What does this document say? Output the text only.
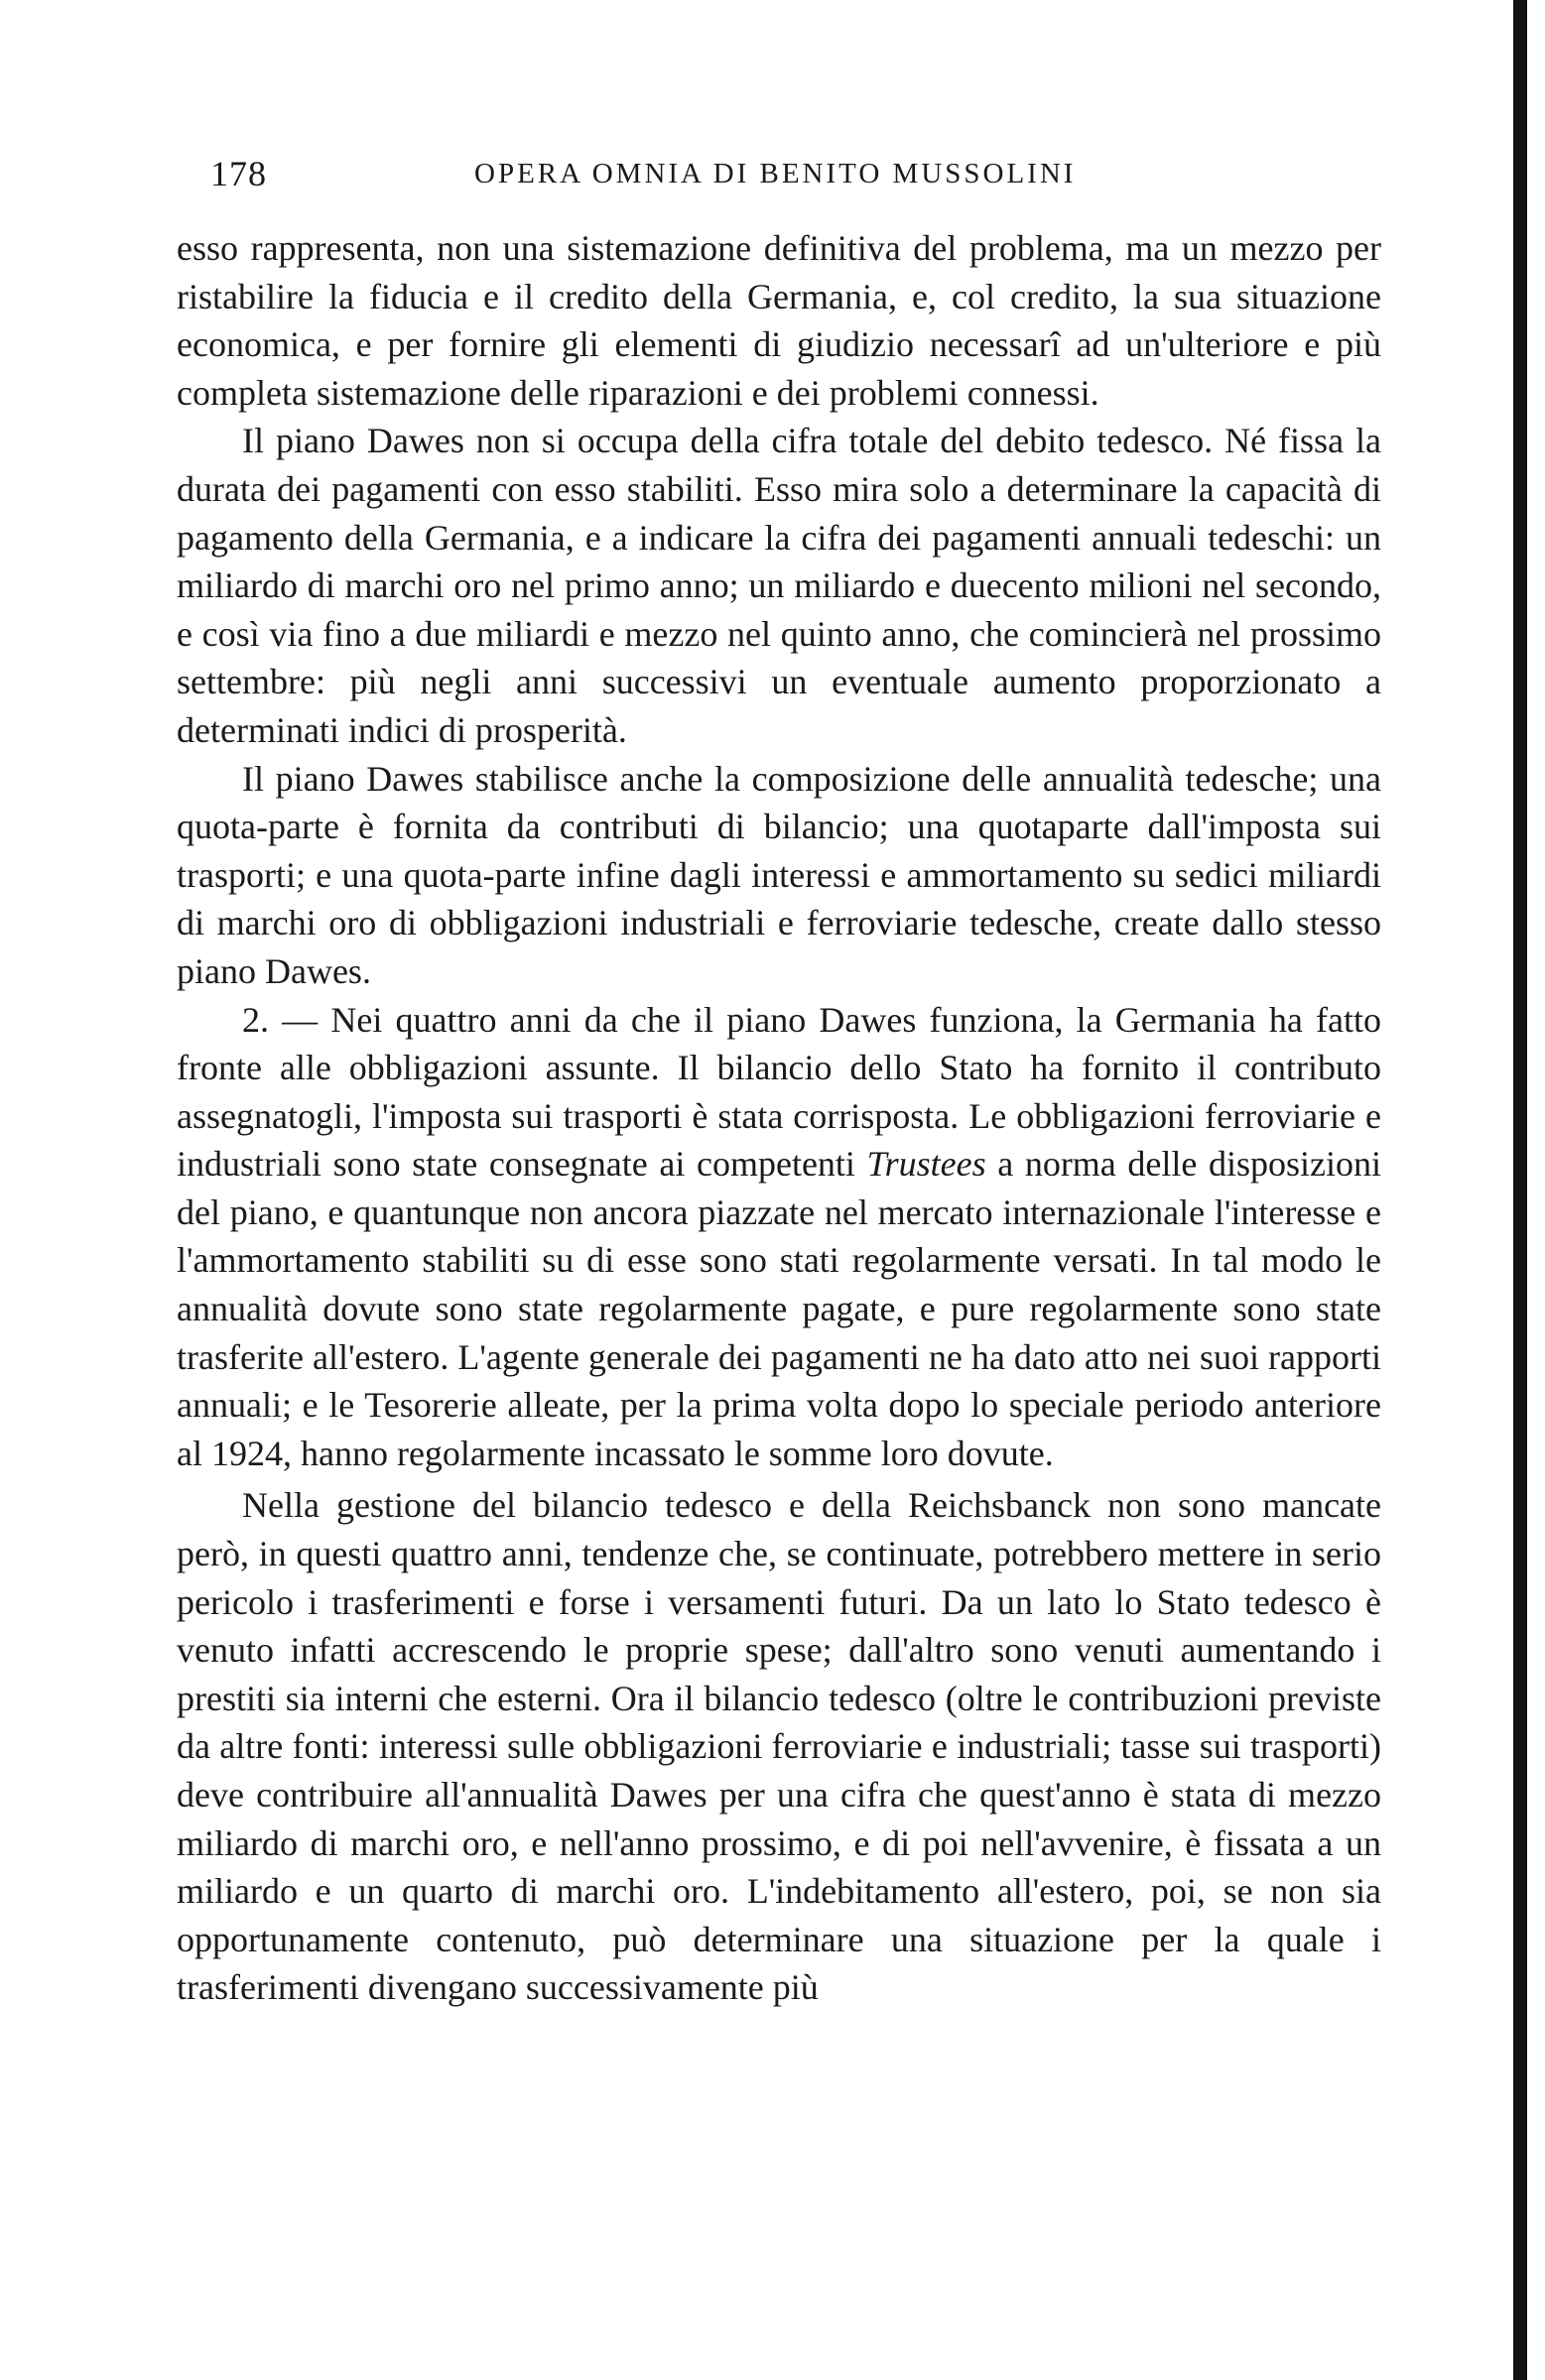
178	OPERA OMNIA DI BENITO MUSSOLINI

esso rappresenta, non una sistemazione definitiva del problema, ma un mezzo per ristabilire la fiducia e il credito della Germania, e, col credito, la sua situazione economica, e per fornire gli elementi di giudizio necessarî ad un'ulteriore e più completa sistemazione delle riparazioni e dei problemi connessi.

Il piano Dawes non si occupa della cifra totale del debito tedesco. Né fissa la durata dei pagamenti con esso stabiliti. Esso mira solo a determinare la capacità di pagamento della Germania, e a indicare la cifra dei pagamenti annuali tedeschi: un miliardo di marchi oro nel primo anno; un miliardo e duecento milioni nel secondo, e così via fino a due miliardi e mezzo nel quinto anno, che comincierà nel prossimo settembre: più negli anni successivi un eventuale aumento proporzionato a determinati indici di prosperità.

Il piano Dawes stabilisce anche la composizione delle annualità tedesche; una quota-parte è fornita da contributi di bilancio; una quotaparte dall'imposta sui trasporti; e una quota-parte infine dagli interessi e ammortamento su sedici miliardi di marchi oro di obbligazioni industriali e ferroviarie tedesche, create dallo stesso piano Dawes.

2. — Nei quattro anni da che il piano Dawes funziona, la Germania ha fatto fronte alle obbligazioni assunte. Il bilancio dello Stato ha fornito il contributo assegnatogli, l'imposta sui trasporti è stata corrisposta. Le obbligazioni ferroviarie e industriali sono state consegnate ai competenti Trustees a norma delle disposizioni del piano, e quantunque non ancora piazzate nel mercato internazionale l'interesse e l'ammortamento stabiliti su di esse sono stati regolarmente versati. In tal modo le annualità dovute sono state regolarmente pagate, e pure regolarmente sono state trasferite all'estero. L'agente generale dei pagamenti ne ha dato atto nei suoi rapporti annuali; e le Tesorerie alleate, per la prima volta dopo lo speciale periodo anteriore al 1924, hanno regolarmente incassato le somme loro dovute.

Nella gestione del bilancio tedesco e della Reichsbanck non sono mancate però, in questi quattro anni, tendenze che, se continuate, potrebbero mettere in serio pericolo i trasferimenti e forse i versamenti futuri. Da un lato lo Stato tedesco è venuto infatti accrescendo le proprie spese; dall'altro sono venuti aumentando i prestiti sia interni che esterni. Ora il bilancio tedesco (oltre le contribuzioni previste da altre fonti: interessi sulle obbligazioni ferroviarie e industriali; tasse sui trasporti) deve contribuire all'annualità Dawes per una cifra che quest'anno è stata di mezzo miliardo di marchi oro, e nell'anno prossimo, e di poi nell'avvenire, è fissata a un miliardo e un quarto di marchi oro. L'indebitamento all'estero, poi, se non sia opportunamente contenuto, può determinare una situazione per la quale i trasferimenti divengano successivamente più
